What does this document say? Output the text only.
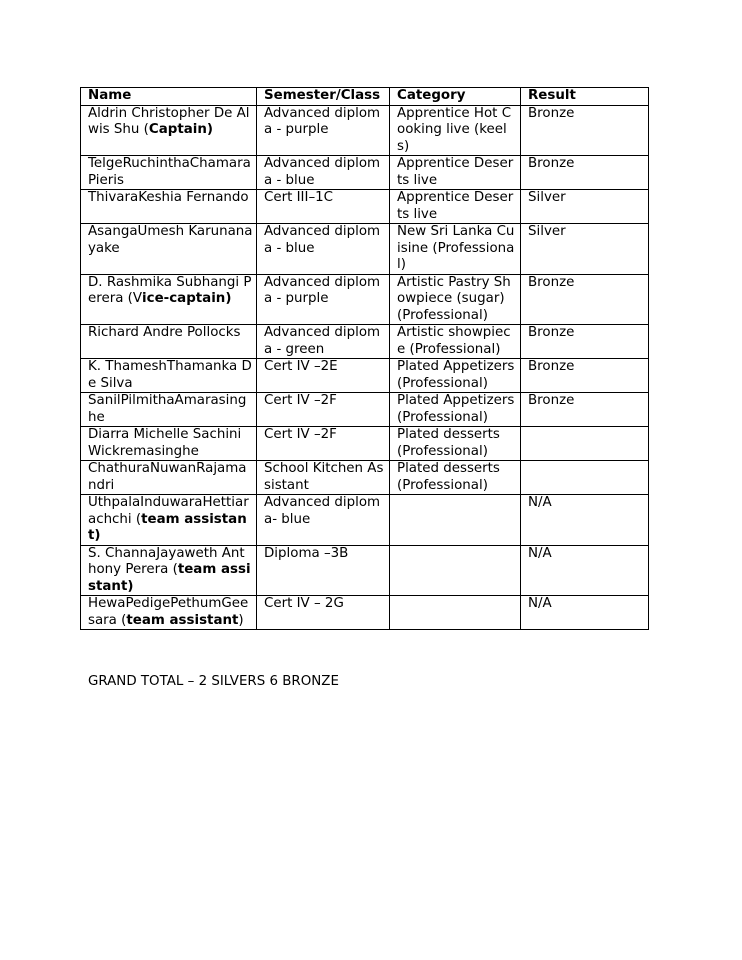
Name	Semester/Class	Category	Result
Aldrin Christopher De Alwis Shu (Captain)	Advanced diploma - purple	Apprentice Hot Cooking live (keels)	Bronze
TelgeRuchinthaChamara Pieris	Advanced diploma - blue	Apprentice Deserts live	Bronze
ThivaraKeshia Fernando	Cert III–1C	Apprentice Deserts live	Silver
AsangaUmesh Karunanayake	Advanced diploma - blue	New Sri Lanka Cuisine (Professional)	Silver
D. Rashmika Subhangi Perera (Vice-captain)	Advanced diploma - purple	Artistic Pastry Showpiece (sugar) (Professional)	Bronze
Richard Andre Pollocks	Advanced diploma - green	Artistic showpiece (Professional)	Bronze
K. ThameshThamanka De Silva	Cert IV –2E	Plated Appetizers (Professional)	Bronze
SanilPilmithaAmarasinghe	Cert IV –2F	Plated Appetizers (Professional)	Bronze
Diarra Michelle SachiniWickremasinghe	Cert IV –2F	Plated desserts (Professional)	
ChathuraNuwanRajamandri	School Kitchen Assistant	Plated desserts (Professional)	
UthpalaInduwaraHettiarachchi (team assistant)	Advanced diploma- blue		N/A
S. ChannaJayaweth Anthony Perera (team assistant)	Diploma –3B		N/A
HewaPedigePethumGeesara (team assistant)	Cert IV – 2G		N/A
GRAND TOTAL – 2 SILVERS 6 BRONZE
